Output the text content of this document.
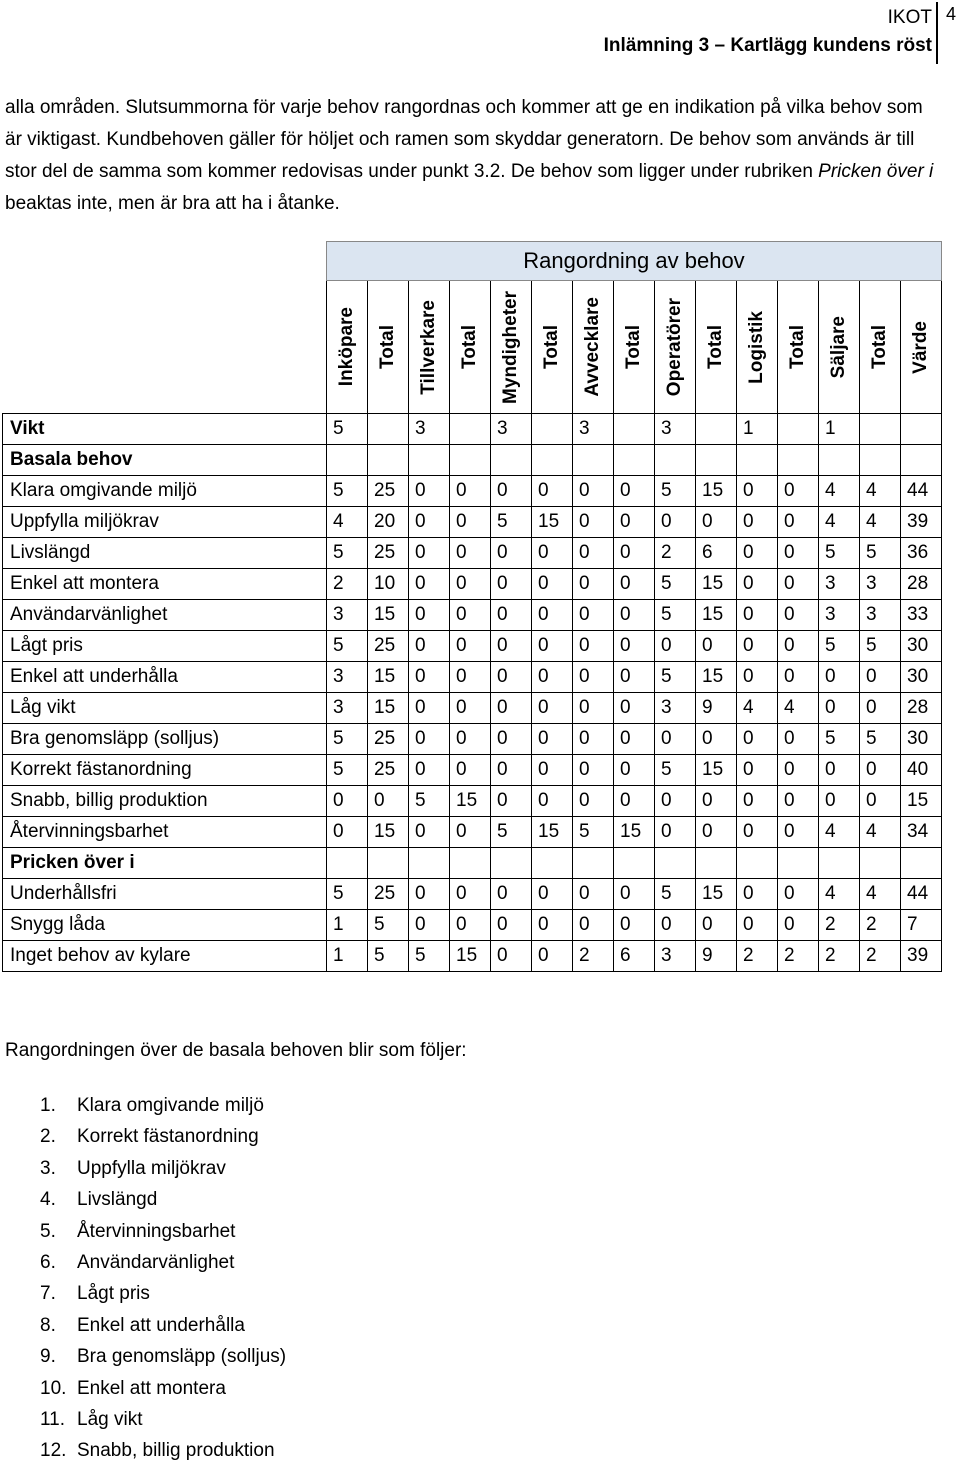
IKOT
Inlämning 3 – Kartlägg kundens röst
4

alla områden. Slutsummorna för varje behov rangordnas och kommer att ge en indikation på vilka behov som är viktigast. Kundbehoven gäller för höljet och ramen som skyddar generatorn. De behov som används är till stor del de samma som kommer redovisas under punkt 3.2. De behov som ligger under rubriken Pricken över i beaktas inte, men är bra att ha i åtanke.

	Rangordning av behov														

	Inköpare	Total	Tillverkare	Total	Myndigheter	Total	Avvecklare	Total	Operatörer	Total	Logistik	Total	Säljare	Total	Värde

Vikt	5		3		3		3		3		1		1		
Basala behov															
Klara omgivande miljö	5	25	0	0	0	0	0	0	5	15	0	0	4	4	44
Uppfylla miljökrav	4	20	0	0	5	15	0	0	0	0	0	0	4	4	39
Livslängd	5	25	0	0	0	0	0	0	2	6	0	0	5	5	36
Enkel att montera	2	10	0	0	0	0	0	0	5	15	0	0	3	3	28
Användarvänlighet	3	15	0	0	0	0	0	0	5	15	0	0	3	3	33
Lågt pris	5	25	0	0	0	0	0	0	0	0	0	0	5	5	30
Enkel att underhålla	3	15	0	0	0	0	0	0	5	15	0	0	0	0	30
Låg vikt	3	15	0	0	0	0	0	0	3	9	4	4	0	0	28
Bra genomsläpp (solljus)	5	25	0	0	0	0	0	0	0	0	0	0	5	5	30
Korrekt fästanordning	5	25	0	0	0	0	0	0	5	15	0	0	0	0	40
Snabb, billig produktion	0	0	5	15	0	0	0	0	0	0	0	0	0	0	15
Återvinningsbarhet	0	15	0	0	5	15	5	15	0	0	0	0	4	4	34
Pricken över i															
Underhållsfri	5	25	0	0	0	0	0	0	5	15	0	0	4	4	44
Snygg låda	1	5	0	0	0	0	0	0	0	0	0	0	2	2	7
Inget behov av kylare	1	5	5	15	0	0	2	6	3	9	2	2	2	2	39
Rangordningen över de basala behoven blir som följer:
1. Klara omgivande miljö
2. Korrekt fästanordning
3. Uppfylla miljökrav
4. Livslängd
5. Återvinningsbarhet
6. Användarvänlighet
7. Lågt pris
8. Enkel att underhålla
9. Bra genomsläpp (solljus)
10. Enkel att montera
11. Låg vikt
12. Snabb, billig produktion
